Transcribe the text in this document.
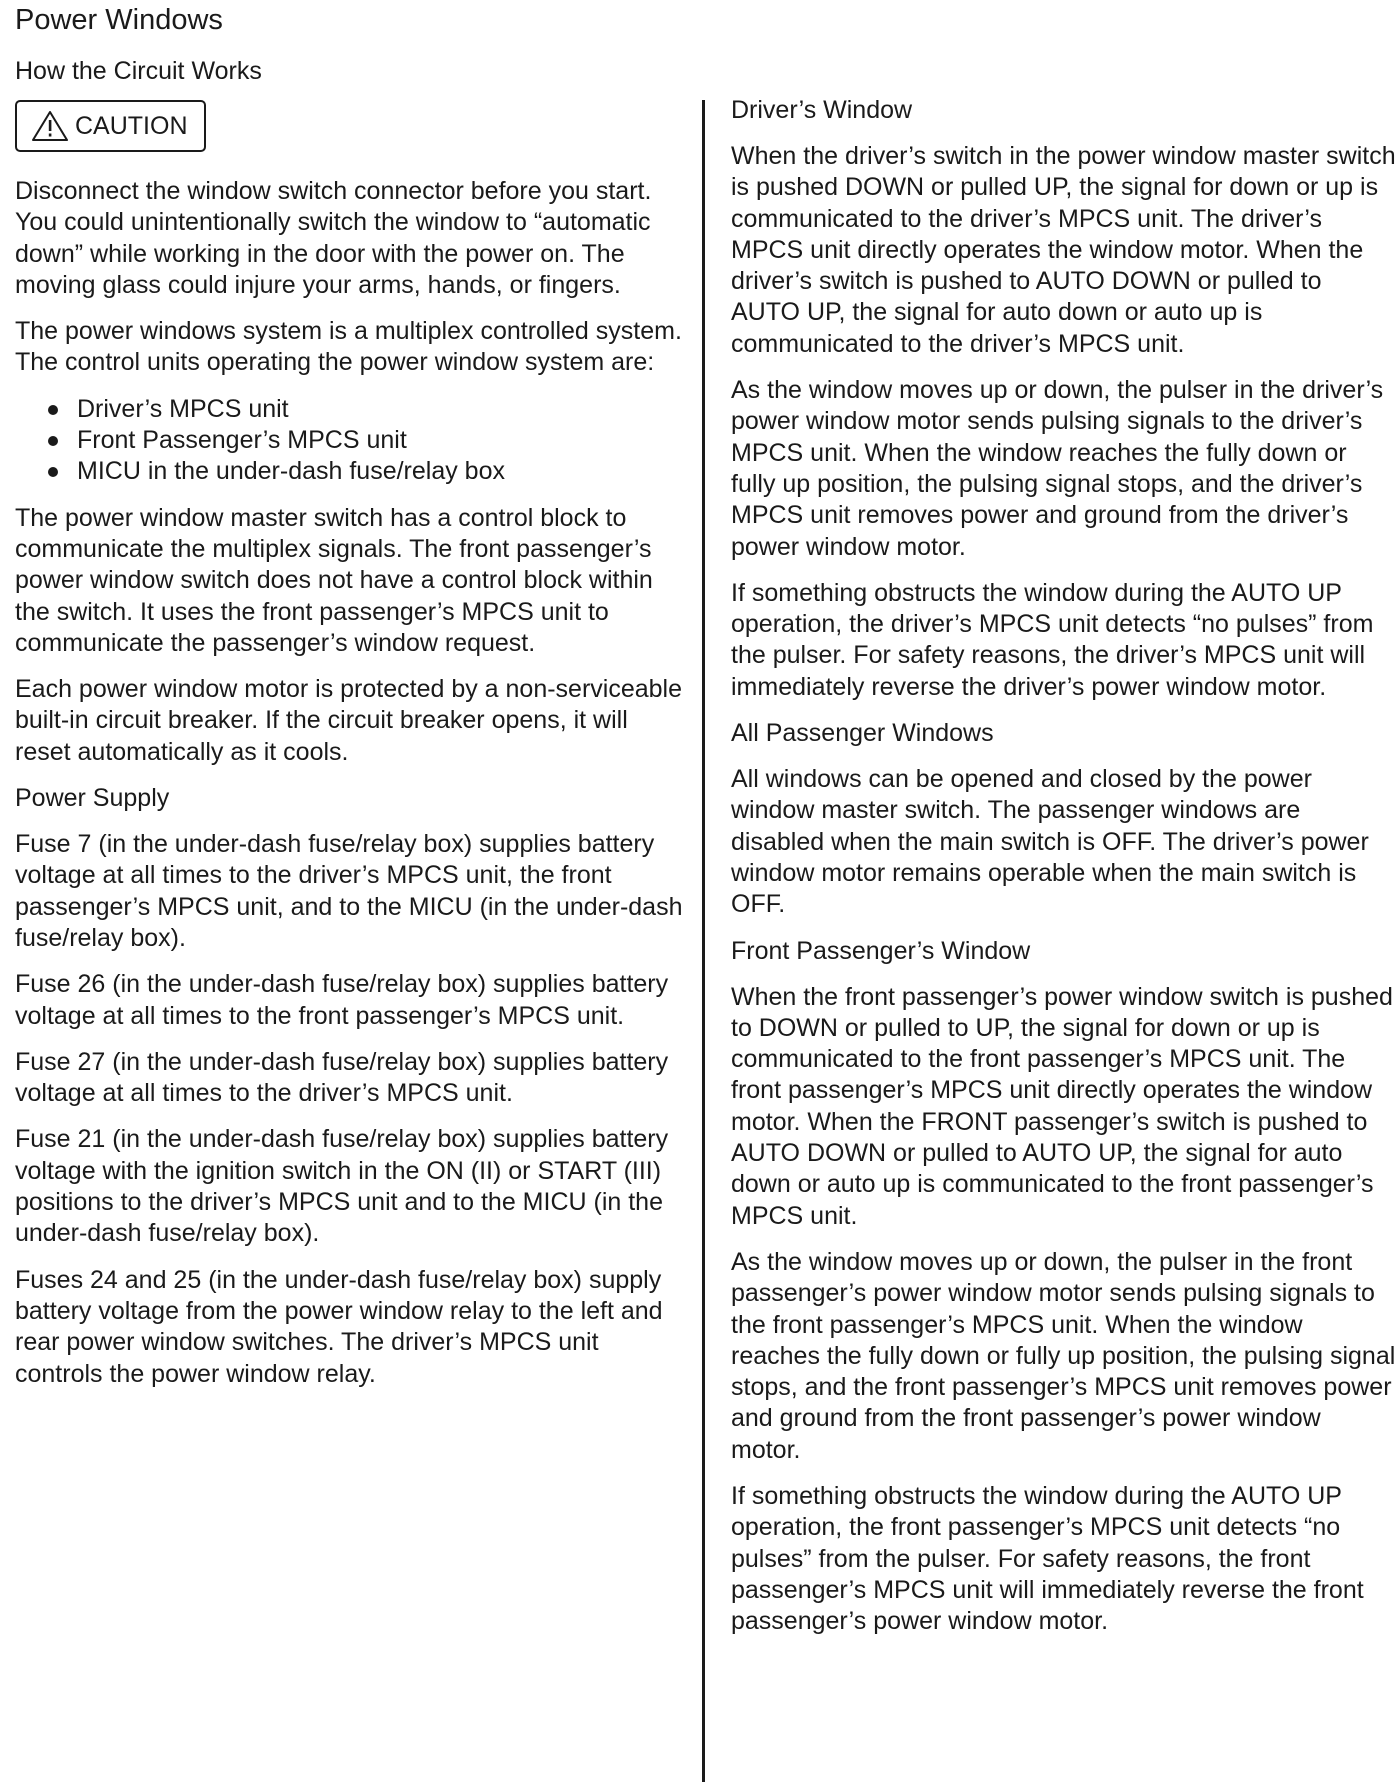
Power Windows
How the Circuit Works
CAUTION

Disconnect the window switch connector before you start. You could unintentionally switch the window to “automatic down” while working in the door with the power on. The moving glass could injure your arms, hands, or fingers.

The power windows system is a multiplex controlled system. The control units operating the power window system are:

Driver’s MPCS unit
Front Passenger’s MPCS unit
MICU in the under-dash fuse/relay box

The power window master switch has a control block to communicate the multiplex signals. The front passenger’s power window switch does not have a control block within the switch. It uses the front passenger’s MPCS unit to communicate the passenger’s window request.

Each power window motor is protected by a non-serviceable built-in circuit breaker. If the circuit breaker opens, it will reset automatically as it cools.

Power Supply

Fuse 7 (in the under-dash fuse/relay box) supplies battery voltage at all times to the driver’s MPCS unit, the front passenger’s MPCS unit, and to the MICU (in the under-dash fuse/relay box).

Fuse 26 (in the under-dash fuse/relay box) supplies battery voltage at all times to the front passenger’s MPCS unit.

Fuse 27 (in the under-dash fuse/relay box) supplies battery voltage at all times to the driver’s MPCS unit.

Fuse 21 (in the under-dash fuse/relay box) supplies battery voltage with the ignition switch in the ON (II) or START (III) positions to the driver’s MPCS unit and to the MICU (in the under-dash fuse/relay box).

Fuses 24 and 25 (in the under-dash fuse/relay box) supply battery voltage from the power window relay to the left and rear power window switches. The driver’s MPCS unit controls the power window relay.

Driver’s Window

When the driver’s switch in the power window master switch is pushed DOWN or pulled UP, the signal for down or up is communicated to the driver’s MPCS unit. The driver’s MPCS unit directly operates the window motor. When the driver’s switch is pushed to AUTO DOWN or pulled to AUTO UP, the signal for auto down or auto up is communicated to the driver’s MPCS unit.

As the window moves up or down, the pulser in the driver’s power window motor sends pulsing signals to the driver’s MPCS unit. When the window reaches the fully down or fully up position, the pulsing signal stops, and the driver’s MPCS unit removes power and ground from the driver’s power window motor.

If something obstructs the window during the AUTO UP operation, the driver’s MPCS unit detects “no pulses” from the pulser. For safety reasons, the driver’s MPCS unit will immediately reverse the driver’s power window motor.

All Passenger Windows

All windows can be opened and closed by the power window master switch. The passenger windows are disabled when the main switch is OFF. The driver’s power window motor remains operable when the main switch is OFF.

Front Passenger’s Window

When the front passenger’s power window switch is pushed to DOWN or pulled to UP, the signal for down or up is communicated to the front passenger’s MPCS unit. The front passenger’s MPCS unit directly operates the window motor. When the FRONT passenger’s switch is pushed to AUTO DOWN or pulled to AUTO UP, the signal for auto down or auto up is communicated to the front passenger’s MPCS unit.

As the window moves up or down, the pulser in the front passenger’s power window motor sends pulsing signals to the front passenger’s MPCS unit. When the window reaches the fully down or fully up position, the pulsing signal stops, and the front passenger’s MPCS unit removes power and ground from the front passenger’s power window motor.

If something obstructs the window during the AUTO UP operation, the front passenger’s MPCS unit detects “no pulses” from the pulser. For safety reasons, the front passenger’s MPCS unit will immediately reverse the front passenger’s power window motor.
